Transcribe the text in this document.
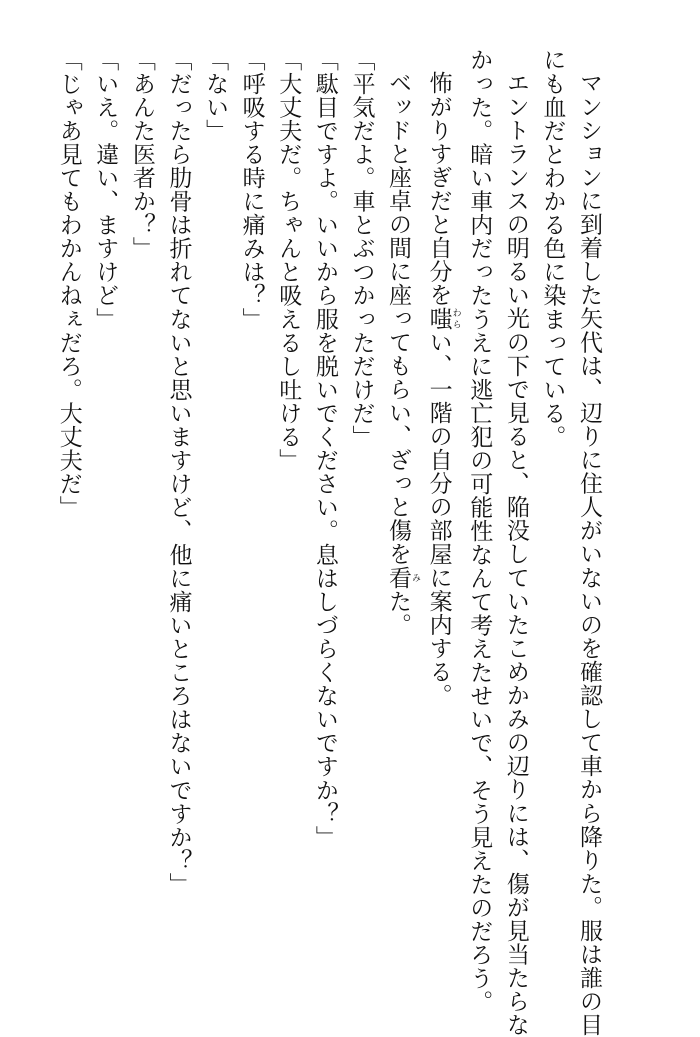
マンションに到着した矢代は、辺りに住人がいないのを確認して車から降りた。服は誰の目
にも血だとわかる色に染まっている。
エントランスの明るい光の下で見ると、陥没していたこめかみの辺りには、傷が見当たらな
かった。暗い車内だったうえに逃亡犯の可能性なんて考えたせいで、そう見えたのだろう。
怖がりすぎだと自分を嗤 わらい、一階の自分の部屋に案内する。
ベッドと座卓の間に座ってもらい、ざっと傷を看 みた。
「平気だよ。車とぶつかっただけだ」
「駄目ですよ。いいから服を脱いでください。息はしづらくないですか？」
「大丈夫だ。ちゃんと吸えるし吐ける」
「呼吸する時に痛みは？」
「ない」
「だったら肋骨は折れてないと思いますけど、他に痛いところはないですか？」
「あんた医者か？」
「いえ。違い、ますけど」
「じゃあ見てもわかんねぇだろ。大丈夫だ」
